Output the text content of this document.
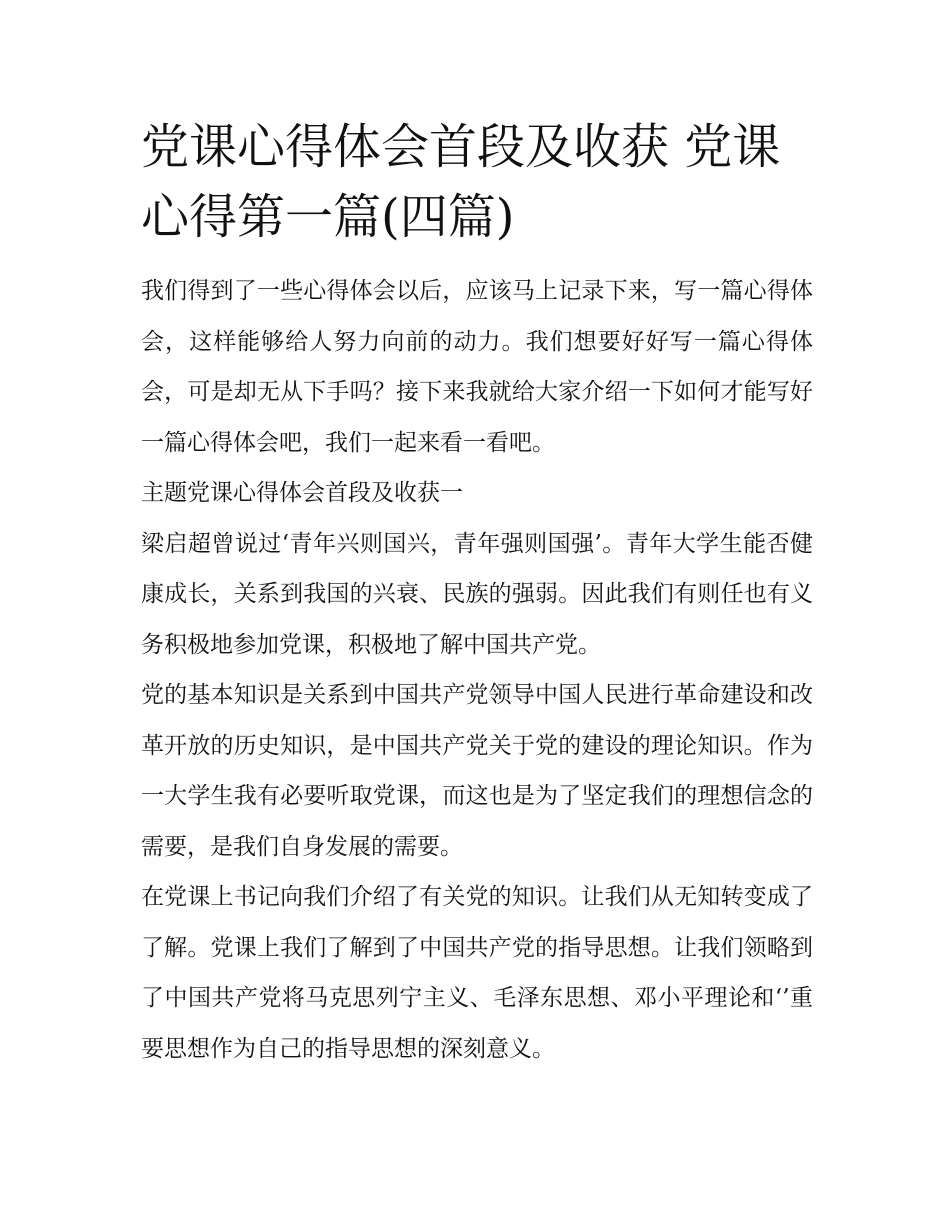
党课心得体会首段及收获 党课心得第一篇(四篇)

我们得到了一些心得体会以后，应该马上记录下来，写一篇心得体会，这样能够给人努力向前的动力。我们想要好好写一篇心得体会，可是却无从下手吗？接下来我就给大家介绍一下如何才能写好一篇心得体会吧，我们一起来看一看吧。

主题党课心得体会首段及收获一

梁启超曾说过‘青年兴则国兴，青年强则国强’。青年大学生能否健康成长，关系到我国的兴衰、民族的强弱。因此我们有则任也有义务积极地参加党课，积极地了解中国共产党。

党的基本知识是关系到中国共产党领导中国人民进行革命建设和改革开放的历史知识，是中国共产党关于党的建设的理论知识。作为一大学生我有必要听取党课，而这也是为了坚定我们的理想信念的需要，是我们自身发展的需要。

在党课上书记向我们介绍了有关党的知识。让我们从无知转变成了了解。党课上我们了解到了中国共产党的指导思想。让我们领略到了中国共产党将马克思列宁主义、毛泽东思想、邓小平理论和‘’重要思想作为自己的指导思想的深刻意义。
